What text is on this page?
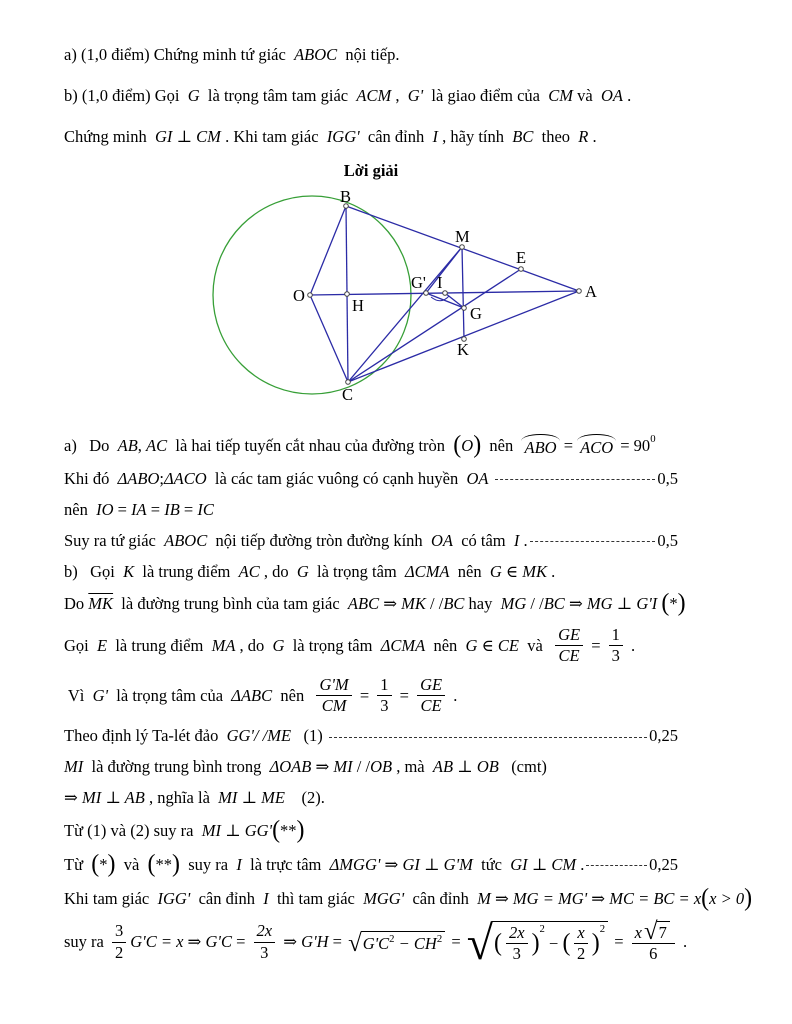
a) (1,0 điểm) Chứng minh tứ giác ABOC nội tiếp.
b) (1,0 điểm) Gọi G là trọng tâm tam giác ACM , G' là giao điểm của CM và OA .
Chứng minh GI ⊥ CM . Khi tam giác IGG' cân đỉnh I , hãy tính BC theo R .
Lời giải
B
M
E
A
O
H
G' I
G
K
C
a)   Do AB , AC là hai tiếp tuyến cắt nhau của đường tròn ( O ) nên ABO = ACO = 90 0
Khi đó ΔABO ; ΔACO là các tam giác vuông có cạnh huyền OA
	0,5
nên IO = IA = IB = IC
Suy ra tứ giác ABOC nội tiếp đường tròn đường kính OA có tâm I .	0,5
b)   Gọi K là trung điểm AC , do G là trọng tâm ΔCMA nên G ∈ MK .
Do $\overline{MK}$ là đường trung bình của tam giác ABC ⇒ MK / / BC hay MG / / BC ⇒ MG ⊥ G'I
( * )
Gọi E là trung điểm MA , do G là trọng tâm ΔCMA nên G ∈ CE và $\frac{GE}{CE} = \frac{1}{3}$ .
Vì G' là trọng tâm của ΔABC nên $\frac{G'M}{CM} = \frac{1}{3} = \frac{GE}{CE}$ .
Theo định lý Ta-lét đảo GG'/ /ME (1)	0,25
MI là đường trung bình trong ΔOAB ⇒ MI / / OB , mà AB ⊥ OB (cmt)
⇒ MI ⊥ AB , nghĩa là MI ⊥ ME (2).
Từ (1) và (2) suy ra MI ⊥ GG' ( ** )
Từ ( * ) và ( ** ) suy ra I là trực tâm ΔMGG' ⇒ GI ⊥ G'M tức GI ⊥ CM .	0,25
Khi tam giác IGG' cân đỉnh I thì tam giác MGG' cân đỉnh M ⇒ MG = MG' ⇒ MC = BC = x ( x > 0 )
suy ra $\frac{3}{2} G'C = x$ ⇒ $G'C = \frac{2x}{3}$ ⇒ G'H = √ G'C 2 − CH 2 = √ ( $\frac{2x}{3}$ )
2
− ( $\frac{x}{2}$ )
2
= $\frac{x √ 7}{6}$ .
